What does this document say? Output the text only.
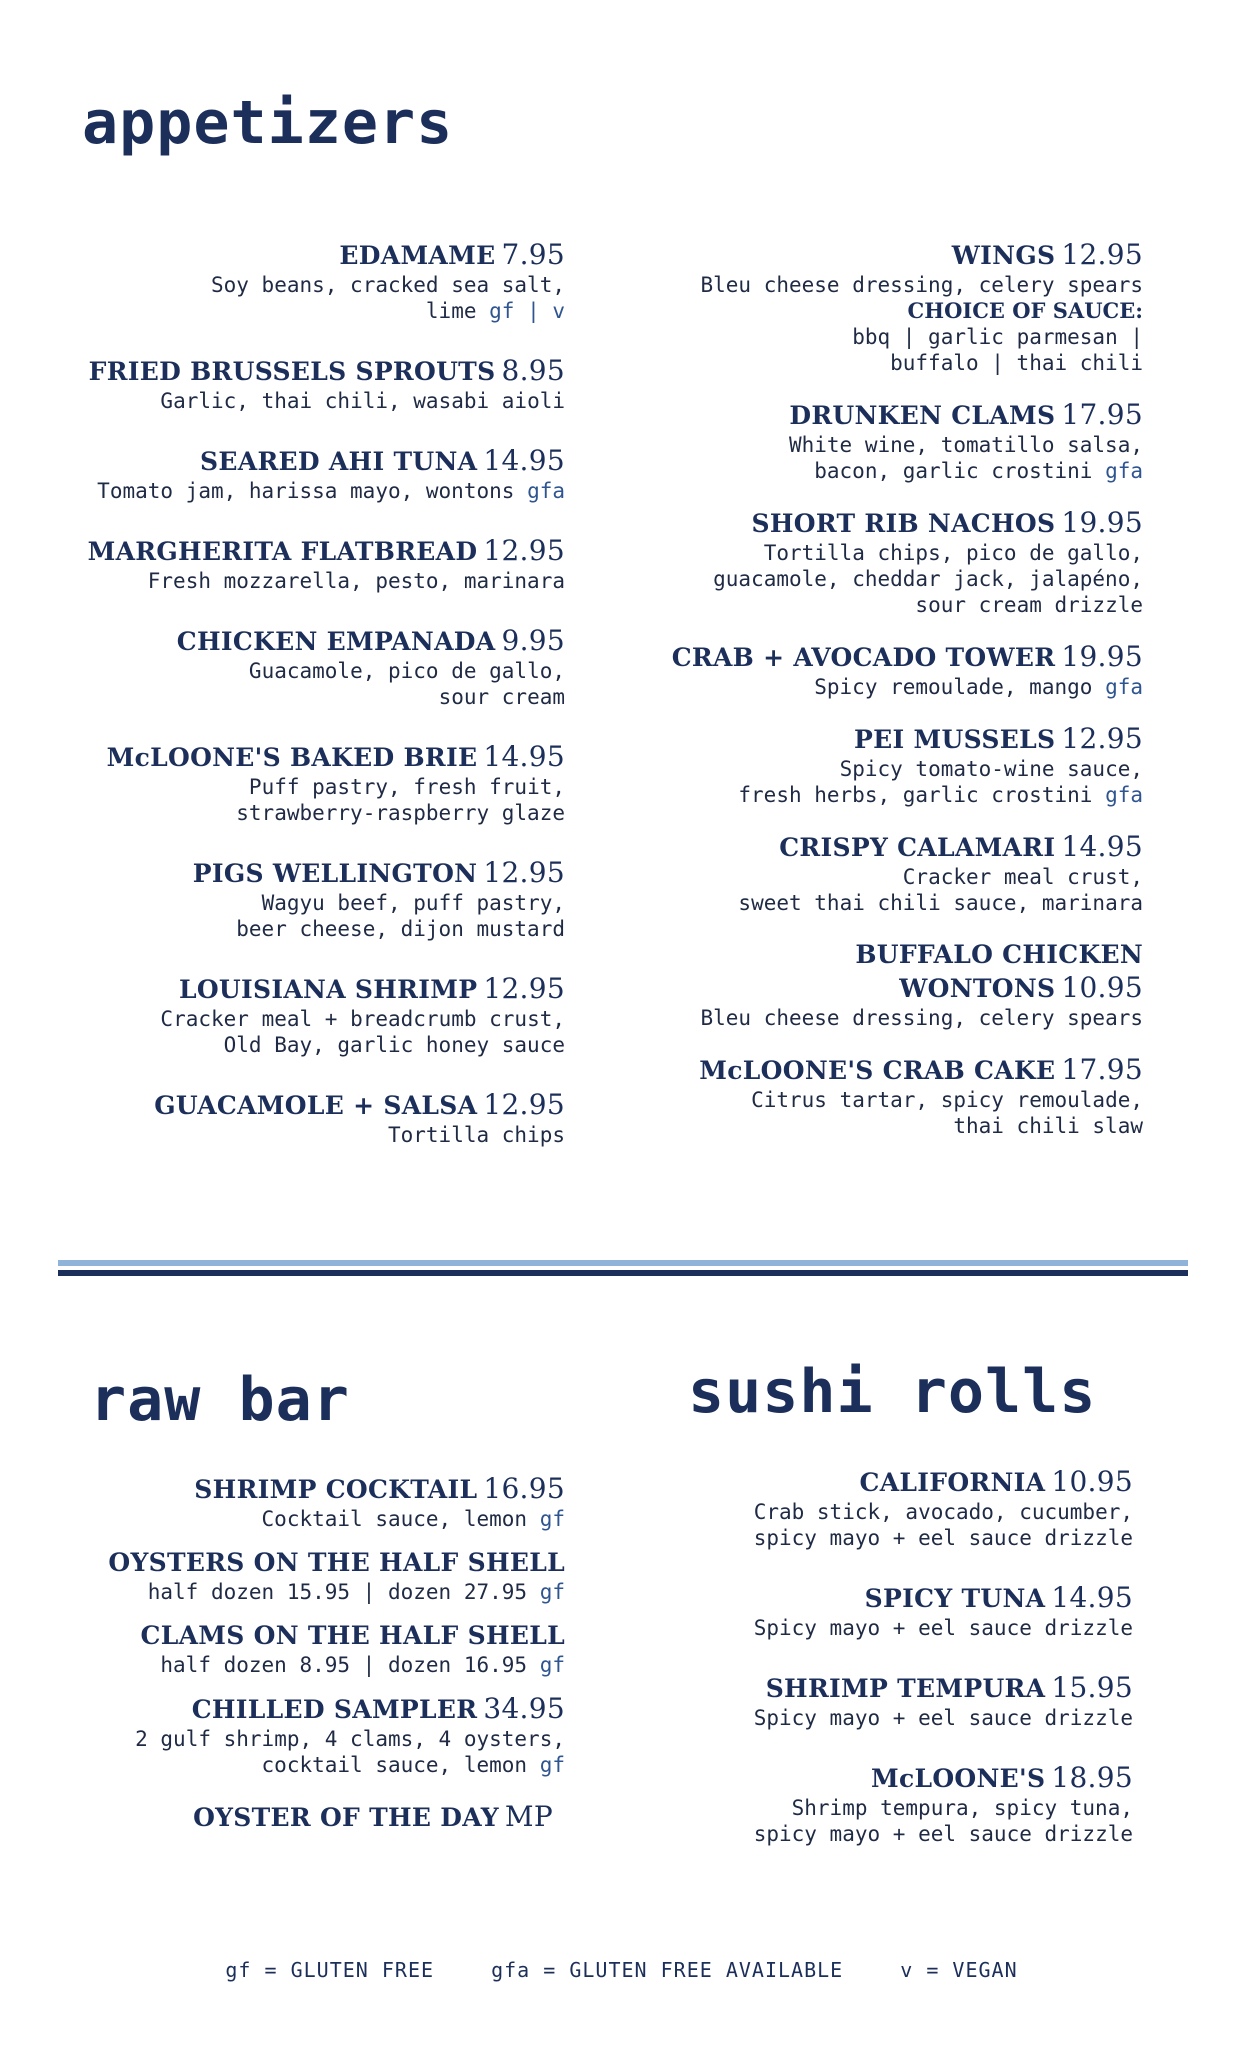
appetizers
EDAMAME 7.95
Soy beans, cracked sea salt,
lime gf | v
FRIED BRUSSELS SPROUTS 8.95
Garlic, thai chili, wasabi aioli
SEARED AHI TUNA 14.95
Tomato jam, harissa mayo, wontons gfa
MARGHERITA FLATBREAD 12.95
Fresh mozzarella, pesto, marinara
CHICKEN EMPANADA 9.95
Guacamole, pico de gallo,
sour cream
McLOONE'S BAKED BRIE 14.95
Puff pastry, fresh fruit,
strawberry-raspberry glaze
PIGS WELLINGTON 12.95
Wagyu beef, puff pastry,
beer cheese, dijon mustard
LOUISIANA SHRIMP 12.95
Cracker meal + breadcrumb crust,
Old Bay, garlic honey sauce
GUACAMOLE + SALSA 12.95
Tortilla chips
WINGS 12.95
Bleu cheese dressing, celery spears
CHOICE OF SAUCE:
bbq | garlic parmesan |
buffalo | thai chili
DRUNKEN CLAMS 17.95
White wine, tomatillo salsa,
bacon, garlic crostini gfa
SHORT RIB NACHOS 19.95
Tortilla chips, pico de gallo,
guacamole, cheddar jack, jalapéno,
sour cream drizzle
CRAB + AVOCADO TOWER 19.95
Spicy remoulade, mango gfa
PEI MUSSELS 12.95
Spicy tomato-wine sauce,
fresh herbs, garlic crostini gfa
CRISPY CALAMARI 14.95
Cracker meal crust,
sweet thai chili sauce, marinara
BUFFALO CHICKEN
WONTONS 10.95
Bleu cheese dressing, celery spears
McLOONE'S CRAB CAKE 17.95
Citrus tartar, spicy remoulade,
thai chili slaw
raw bar
SHRIMP COCKTAIL 16.95
Cocktail sauce, lemon gf
OYSTERS ON THE HALF SHELL
half dozen 15.95 | dozen 27.95 gf
CLAMS ON THE HALF SHELL
half dozen 8.95 | dozen 16.95 gf
CHILLED SAMPLER 34.95
2 gulf shrimp, 4 clams, 4 oysters,
cocktail sauce, lemon gf
OYSTER OF THE DAY MP
sushi rolls
CALIFORNIA 10.95
Crab stick, avocado, cucumber,
spicy mayo + eel sauce drizzle
SPICY TUNA 14.95
Spicy mayo + eel sauce drizzle
SHRIMP TEMPURA 15.95
Spicy mayo + eel sauce drizzle
McLOONE'S 18.95
Shrimp tempura, spicy tuna,
spicy mayo + eel sauce drizzle
gf = GLUTEN FREE	gfa = GLUTEN FREE AVAILABLE	v = VEGAN
